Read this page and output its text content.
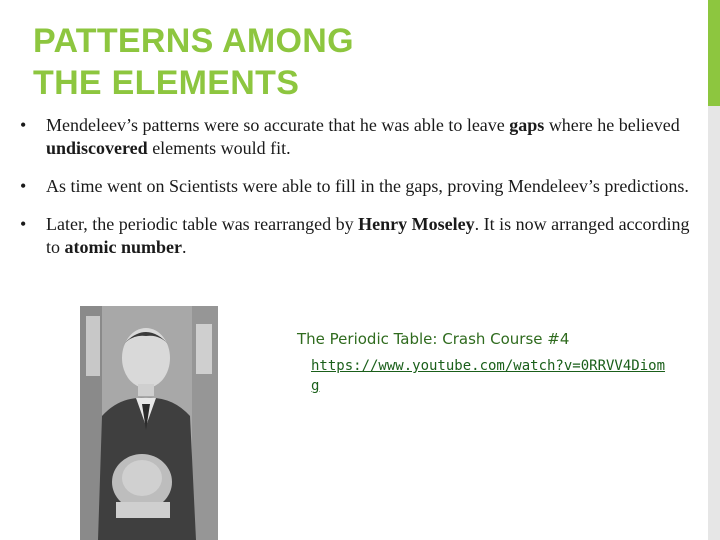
PATTERNS AMONG
THE ELEMENTS
• Mendeleev’s patterns were so accurate that he was able to leave gaps where he believed undiscovered elements would fit.
• As time went on Scientists were able to fill in the gaps, proving Mendeleev’s predictions.
• Later, the periodic table was rearranged by Henry Moseley. It is now arranged according to atomic number.
The Periodic Table: Crash Course #4
https://www.youtube.com/watch?v=0RRVV4Diomg
